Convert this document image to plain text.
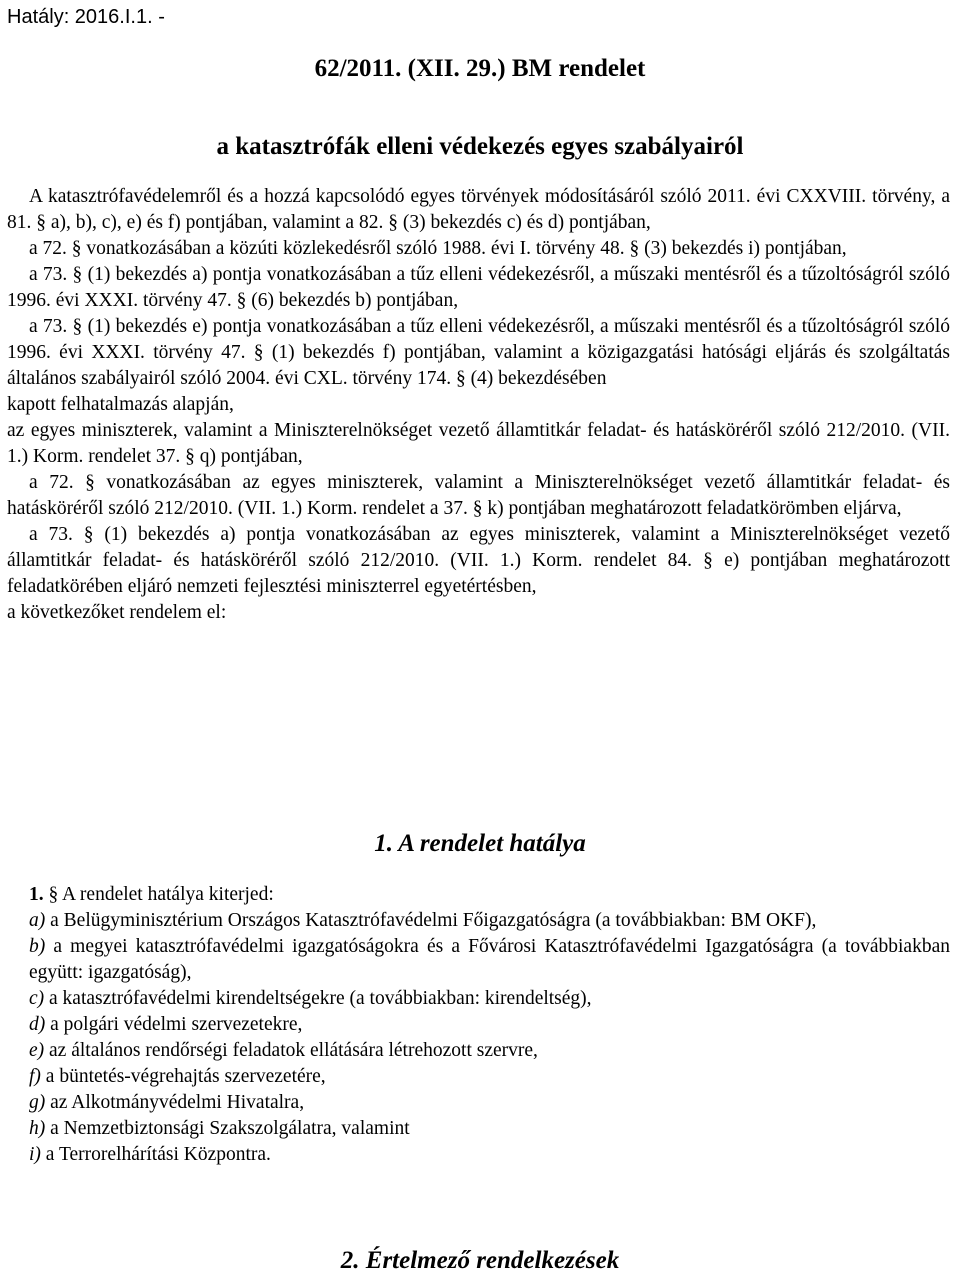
Hatály: 2016.I.1. -
62/2011. (XII. 29.) BM rendelet
a katasztrófák elleni védekezés egyes szabályairól

A katasztrófavédelemről és a hozzá kapcsolódó egyes törvények módosításáról szóló 2011. évi CXXVIII. törvény, a 81. § a), b), c), e) és f) pontjában, valamint a 82. § (3) bekezdés c) és d) pontjában,

a 72. § vonatkozásában a közúti közlekedésről szóló 1988. évi I. törvény 48. § (3) bekezdés i) pontjában,

a 73. § (1) bekezdés a) pontja vonatkozásában a tűz elleni védekezésről, a műszaki mentésről és a tűzoltóságról szóló 1996. évi XXXI. törvény 47. § (6) bekezdés b) pontjában,

a 73. § (1) bekezdés e) pontja vonatkozásában a tűz elleni védekezésről, a műszaki mentésről és a tűzoltóságról szóló 1996. évi XXXI. törvény 47. § (1) bekezdés f) pontjában, valamint a közigazgatási hatósági eljárás és szolgáltatás általános szabályairól szóló 2004. évi CXL. törvény 174. § (4) bekezdésében

kapott felhatalmazás alapján,

az egyes miniszterek, valamint a Miniszterelnökséget vezető államtitkár feladat- és hatásköréről szóló 212/2010. (VII. 1.) Korm. rendelet 37. § q) pontjában,

a 72. § vonatkozásában az egyes miniszterek, valamint a Miniszterelnökséget vezető államtitkár feladat- és hatásköréről szóló 212/2010. (VII. 1.) Korm. rendelet a 37. § k) pontjában meghatározott feladatkörömben eljárva,

a 73. § (1) bekezdés a) pontja vonatkozásában az egyes miniszterek, valamint a Miniszterelnökséget vezető államtitkár feladat- és hatásköréről szóló 212/2010. (VII. 1.) Korm. rendelet 84. § e) pontjában meghatározott feladatkörében eljáró nemzeti fejlesztési miniszterrel egyetértésben,

a következőket rendelem el:

1. A rendelet hatálya

1. § A rendelet hatálya kiterjed:

a) a Belügyminisztérium Országos Katasztrófavédelmi Főigazgatóságra (a továbbiakban: BM OKF),

b) a megyei katasztrófavédelmi igazgatóságokra és a Fővárosi Katasztrófavédelmi Igazgatóságra (a továbbiakban együtt: igazgatóság),

c) a katasztrófavédelmi kirendeltségekre (a továbbiakban: kirendeltség),

d) a polgári védelmi szervezetekre,

e) az általános rendőrségi feladatok ellátására létrehozott szervre,

f) a büntetés-végrehajtás szervezetére,

g) az Alkotmányvédelmi Hivatalra,

h) a Nemzetbiztonsági Szakszolgálatra, valamint

i) a Terrorelhárítási Központra.

2. Értelmező rendelkezések
